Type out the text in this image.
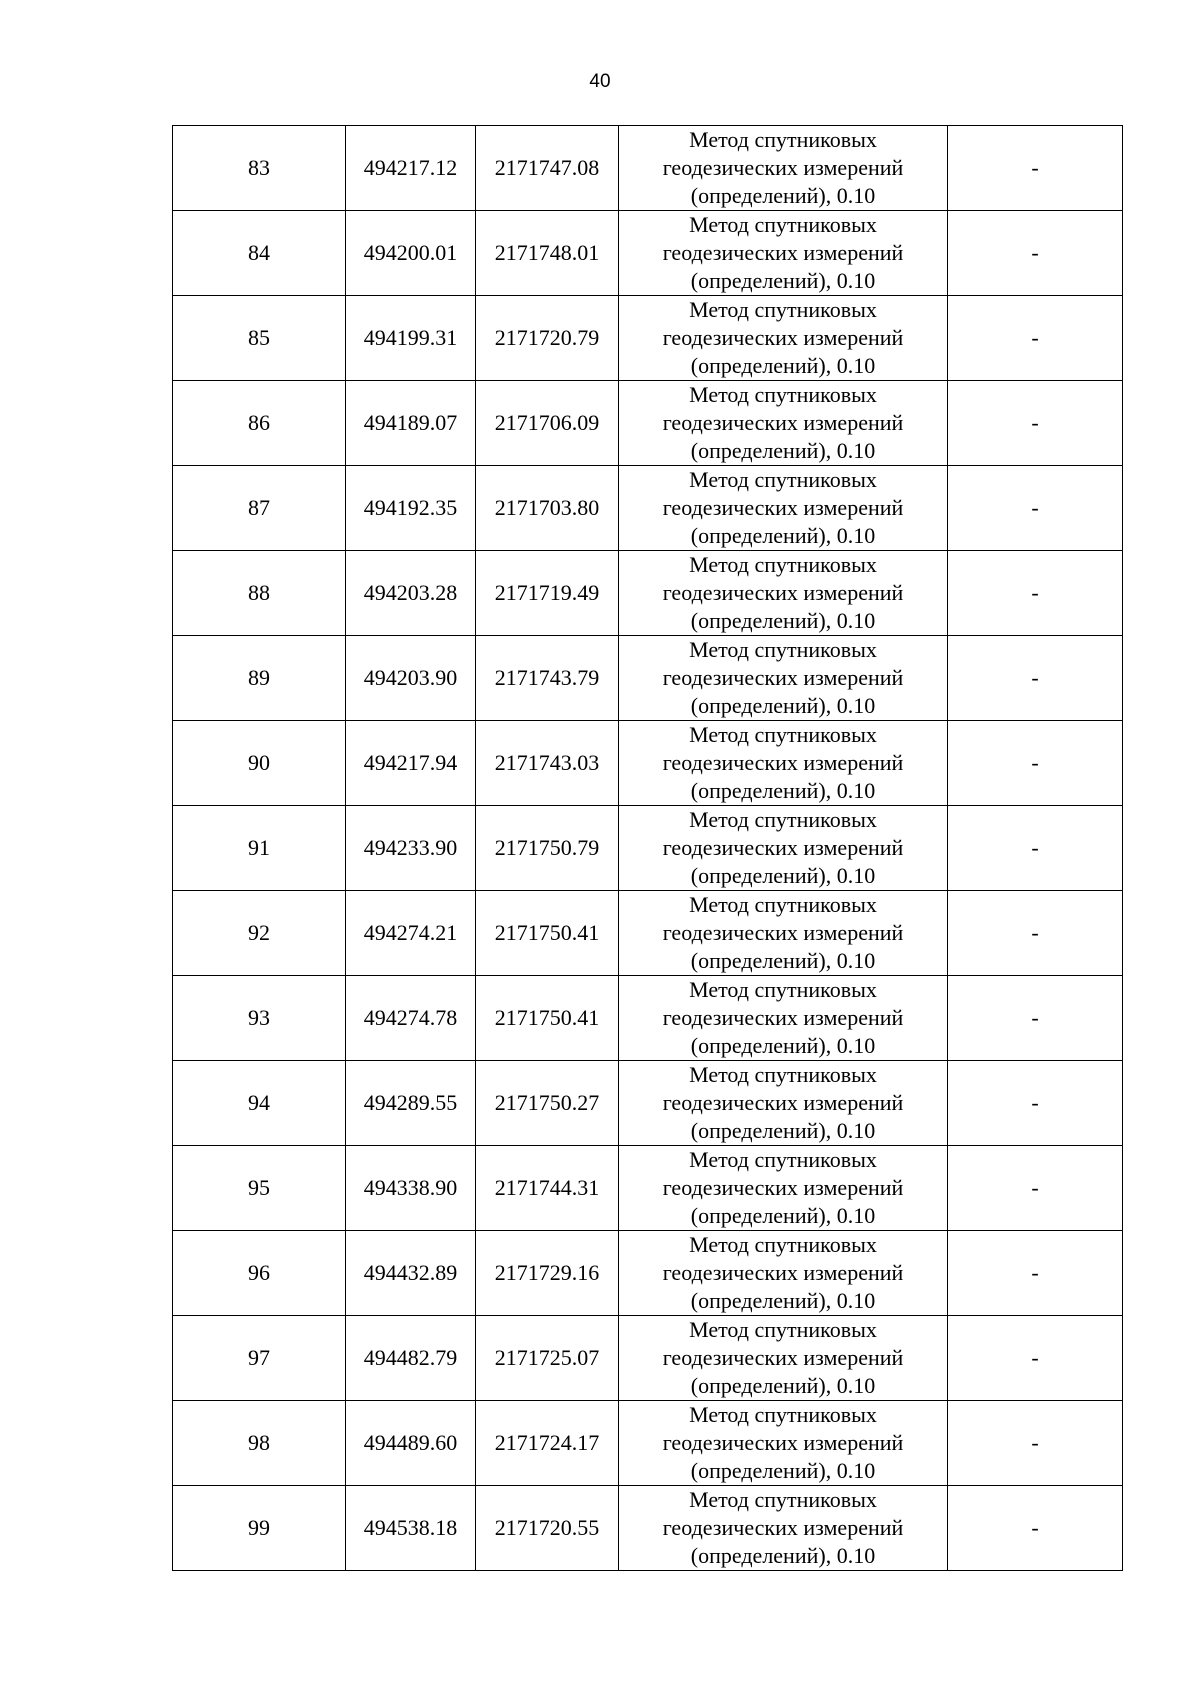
40
83	494217.12	2171747.08	Метод спутниковых
геодезических измерений
(определений), 0.10	-
84	494200.01	2171748.01	Метод спутниковых
геодезических измерений
(определений), 0.10	-
85	494199.31	2171720.79	Метод спутниковых
геодезических измерений
(определений), 0.10	-
86	494189.07	2171706.09	Метод спутниковых
геодезических измерений
(определений), 0.10	-
87	494192.35	2171703.80	Метод спутниковых
геодезических измерений
(определений), 0.10	-
88	494203.28	2171719.49	Метод спутниковых
геодезических измерений
(определений), 0.10	-
89	494203.90	2171743.79	Метод спутниковых
геодезических измерений
(определений), 0.10	-
90	494217.94	2171743.03	Метод спутниковых
геодезических измерений
(определений), 0.10	-
91	494233.90	2171750.79	Метод спутниковых
геодезических измерений
(определений), 0.10	-
92	494274.21	2171750.41	Метод спутниковых
геодезических измерений
(определений), 0.10	-
93	494274.78	2171750.41	Метод спутниковых
геодезических измерений
(определений), 0.10	-
94	494289.55	2171750.27	Метод спутниковых
геодезических измерений
(определений), 0.10	-
95	494338.90	2171744.31	Метод спутниковых
геодезических измерений
(определений), 0.10	-
96	494432.89	2171729.16	Метод спутниковых
геодезических измерений
(определений), 0.10	-
97	494482.79	2171725.07	Метод спутниковых
геодезических измерений
(определений), 0.10	-
98	494489.60	2171724.17	Метод спутниковых
геодезических измерений
(определений), 0.10	-
99	494538.18	2171720.55	Метод спутниковых
геодезических измерений
(определений), 0.10	-
